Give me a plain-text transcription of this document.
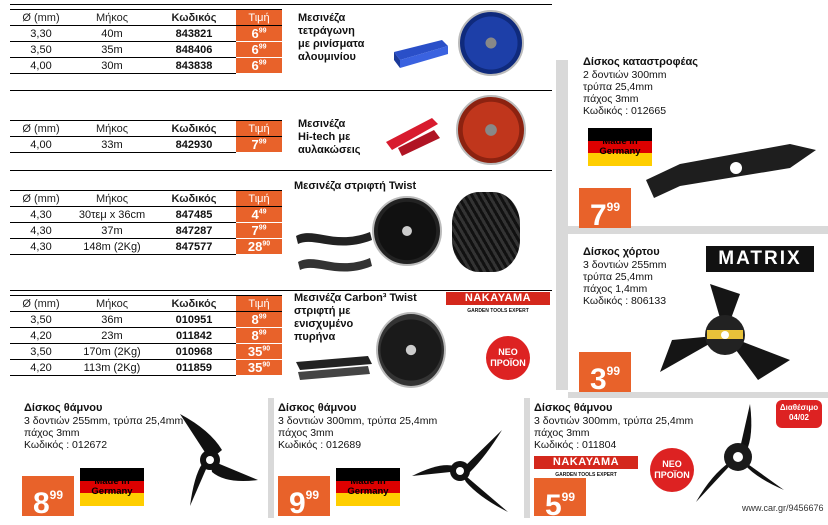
Ø (mm)	Μήκος	Κωδικός	Τιμή
3,30	40m	843821	$6^{99}$
3,50	35m	848406	$6^{99}$
4,00	30m	843838	$6^{99}$
Μεσινέζα
τετράγωνη
με ρινίσματα
αλουμινίου
Ø (mm)	Μήκος	Κωδικός	Τιμή
4,00	33m	842930	$7^{99}$
Μεσινέζα
Hi-tech με
αυλακώσεις
Ø (mm)	Μήκος	Κωδικός	Τιμή
4,30	30τεμ x 36cm	847485	$4^{49}$
4,30	37m	847287	$7^{99}$
4,30	148m (2Kg)	847577	$28^{90}$
Μεσινέζα στριφτή Twist
Ø (mm)	Μήκος	Κωδικός	Τιμή
3,50	36m	010951	$8^{99}$
4,20	23m	011842	$8^{99}$
3,50	170m (2Kg)	010968	$35^{90}$
4,20	113m (2Kg)	011859	$35^{90}$
Μεσινέζα Carbon³ Twist
στριφτή με
ενισχυμένο
πυρήνα
NAKAYAMA
GARDEN TOOLS EXPERT
ΝΕΟ
ΠΡΟΪΟΝ
Δίσκος καταστροφέας
2 δοντιών 300mm
τρύπα 25,4mm
πάχος 3mm
Κωδικός : 012665
Made in
Germany
$7^{99}$
Δίσκος χόρτου
3 δοντιών 255mm
τρύπα 25,4mm
πάχος 1,4mm
Κωδικός : 806133
MATRIX
$3^{99}$
Δίσκος θάμνου
3 δοντιών 255mm, τρύπα 25,4mm
πάχος 3mm
Κωδικός : 012672
$8^{99}$
Made in
Germany
Δίσκος θάμνου
3 δοντιών 300mm, τρύπα 25,4mm
πάχος 3mm
Κωδικός : 012689
$9^{99}$
Made in
Germany
Δίσκος θάμνου
3 δοντιών 300mm, τρύπα 25,4mm
πάχος 3mm
Κωδικός : 011804
NAKAYAMA
GARDEN TOOLS EXPERT
$5^{99}$
ΝΕΟ
ΠΡΟΪΟΝ
Διαθέσιμο
04/02
www.car.gr/9456676
